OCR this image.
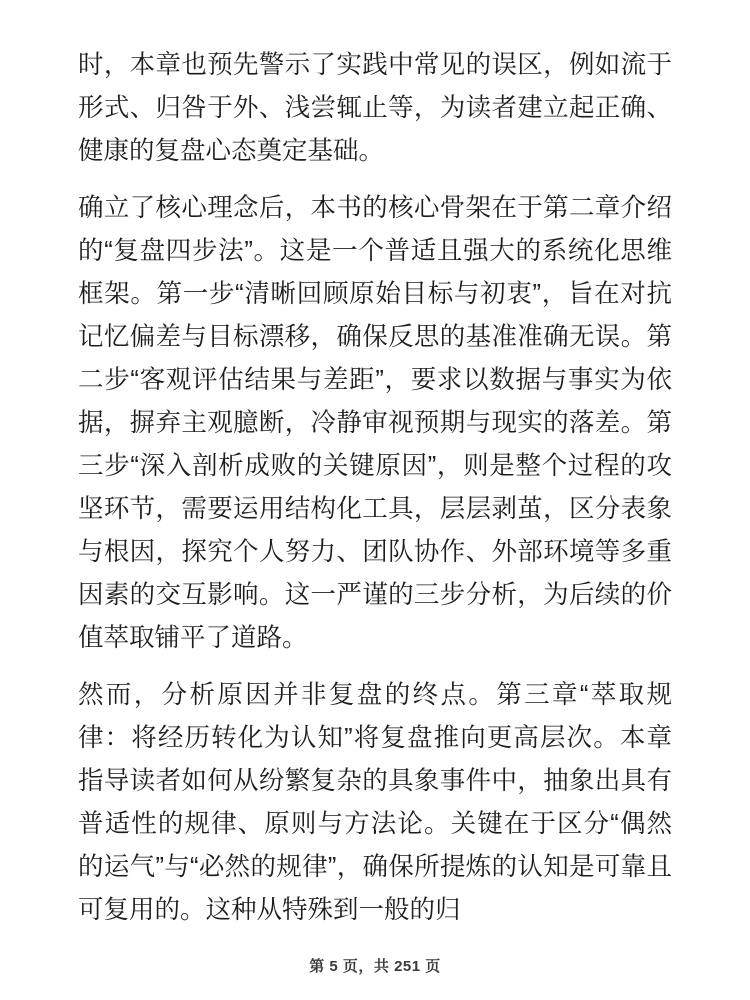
时，本章也预先警示了实践中常见的误区，例如流于形式、归咎于外、浅尝辄止等，为读者建立起正确、健康的复盘心态奠定基础。

确立了核心理念后，本书的核心骨架在于第二章介绍的“复盘四步法”。这是一个普适且强大的系统化思维框架。第一步“清晰回顾原始目标与初衷”，旨在对抗记忆偏差与目标漂移，确保反思的基准准确无误。第二步“客观评估结果与差距”，要求以数据与事实为依据，摒弃主观臆断，冷静审视预期与现实的落差。第三步“深入剖析成败的关键原因”，则是整个过程的攻坚环节，需要运用结构化工具，层层剥茧，区分表象与根因，探究个人努力、团队协作、外部环境等多重因素的交互影响。这一严谨的三步分析，为后续的价值萃取铺平了道路。

然而，分析原因并非复盘的终点。第三章“萃取规律：将经历转化为认知”将复盘推向更高层次。本章指导读者如何从纷繁复杂的具象事件中，抽象出具有普适性的规律、原则与方法论。关键在于区分“偶然的运气”与“必然的规律”，确保所提炼的认知是可靠且可复用的。这种从特殊到一般的归

第 5 页，共 251 页
